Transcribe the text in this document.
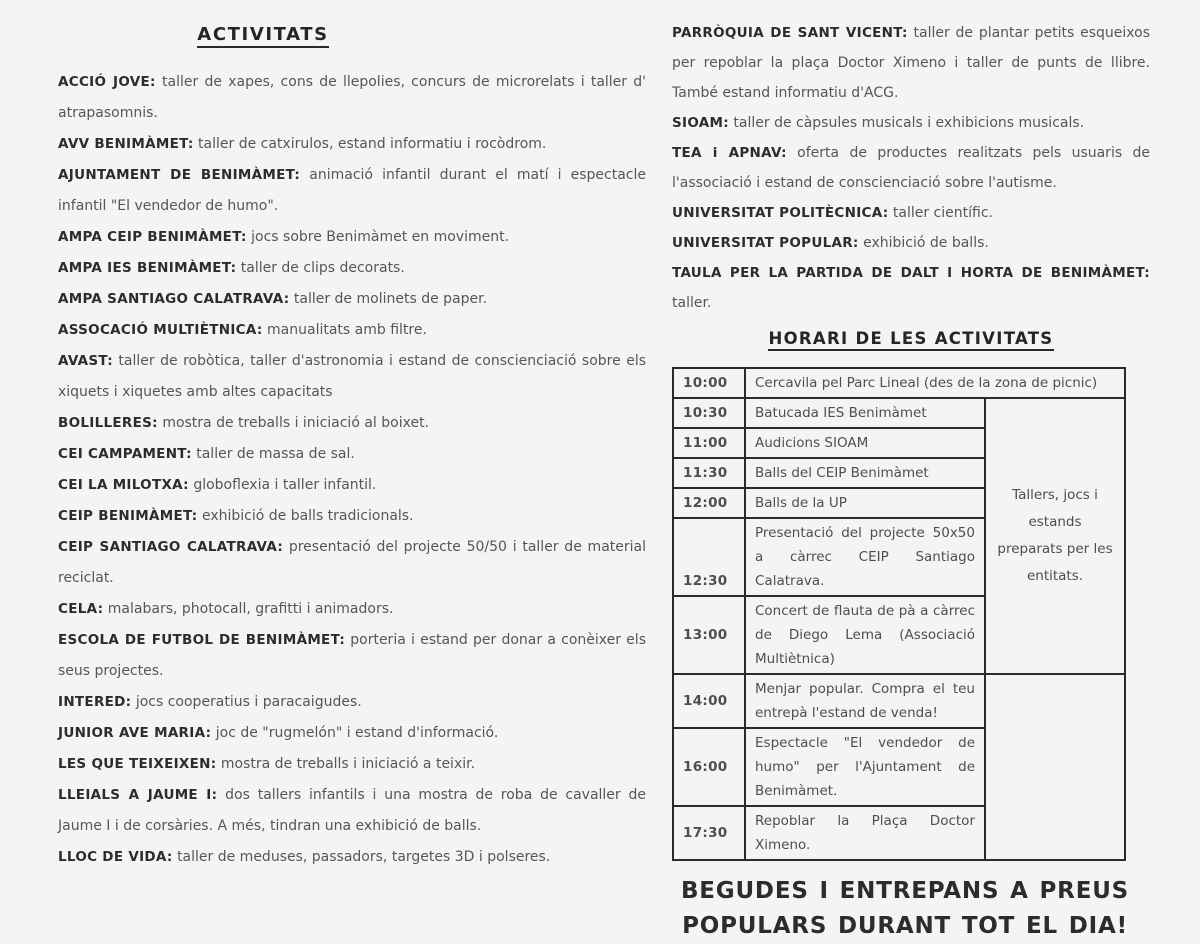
ACTIVITATS

ACCIÓ JOVE: taller de xapes, cons de llepolies, concurs de microrelats i taller d' atrapasomnis.

AVV BENIMÀMET: taller de catxirulos, estand informatiu i rocòdrom.

AJUNTAMENT DE BENIMÀMET: animació infantil durant el matí i espectacle infantil "El vendedor de humo".

AMPA CEIP BENIMÀMET: jocs sobre Benimàmet en moviment.

AMPA IES BENIMÀMET: taller de clips decorats.

AMPA SANTIAGO CALATRAVA: taller de molinets de paper.

ASSOCACIÓ MULTIÈTNICA: manualitats amb filtre.

AVAST: taller de robòtica, taller d'astronomia i estand de conscienciació sobre els xiquets i xiquetes amb altes capacitats

BOLILLERES: mostra de treballs i iniciació al boixet.

CEI CAMPAMENT: taller de massa de sal.

CEI LA MILOTXA: globoflexia i taller infantil.

CEIP BENIMÀMET: exhibició de balls tradicionals.

CEIP SANTIAGO CALATRAVA: presentació del projecte 50/50 i taller de material reciclat.

CELA: malabars, photocall, grafitti i animadors.

ESCOLA DE FUTBOL DE BENIMÀMET: porteria i estand per donar a conèixer els seus projectes.

INTERED: jocs cooperatius i paracaigudes.

JUNIOR AVE MARIA: joc de "rugmelón" i estand d'informació.

LES QUE TEIXEIXEN: mostra de treballs i iniciació a teixir.

LLEIALS A JAUME I: dos tallers infantils i una mostra de roba de cavaller de Jaume I i de corsàries. A més, tindran una exhibició de balls.

LLOC DE VIDA: taller de meduses, passadors, targetes 3D i polseres.

PARRÒQUIA DE SANT VICENT: taller de plantar petits esqueixos per repoblar la plaça Doctor Ximeno i taller de punts de llibre. També estand informatiu d'ACG.

SIOAM: taller de càpsules musicals i exhibicions musicals.

TEA i APNAV: oferta de productes realitzats pels usuaris de l'associació i estand de conscienciació sobre l'autisme.

UNIVERSITAT POLITÈCNICA: taller científic.

UNIVERSITAT POPULAR: exhibició de balls.

TAULA PER LA PARTIDA DE DALT I HORTA DE BENIMÀMET: taller.

HORARI DE LES ACTIVITATS
10:00	Cercavila pel Parc Lineal (des de la zona de picnic)	
10:30	Batucada IES Benimàmet	Tallers, jocs i estands preparats per les entitats.
11:00	Audicions SIOAM	
11:30	Balls del CEIP Benimàmet	
12:00	Balls de la UP	
12:30	Presentació del projecte 50x50 a càrrec CEIP Santiago Calatrava.	
13:00	Concert de flauta de pà a càrrec de Diego Lema (Associació Multiètnica)	
14:00	Menjar popular. Compra el teu entrepà l'estand de venda!	
16:00	Espectacle "El vendedor de humo" per l'Ajuntament de Benimàmet.	
17:30	Repoblar la Plaça Doctor Ximeno.	
BEGUDES I ENTREPANS A PREUS
POPULARS DURANT TOT EL DIA!
